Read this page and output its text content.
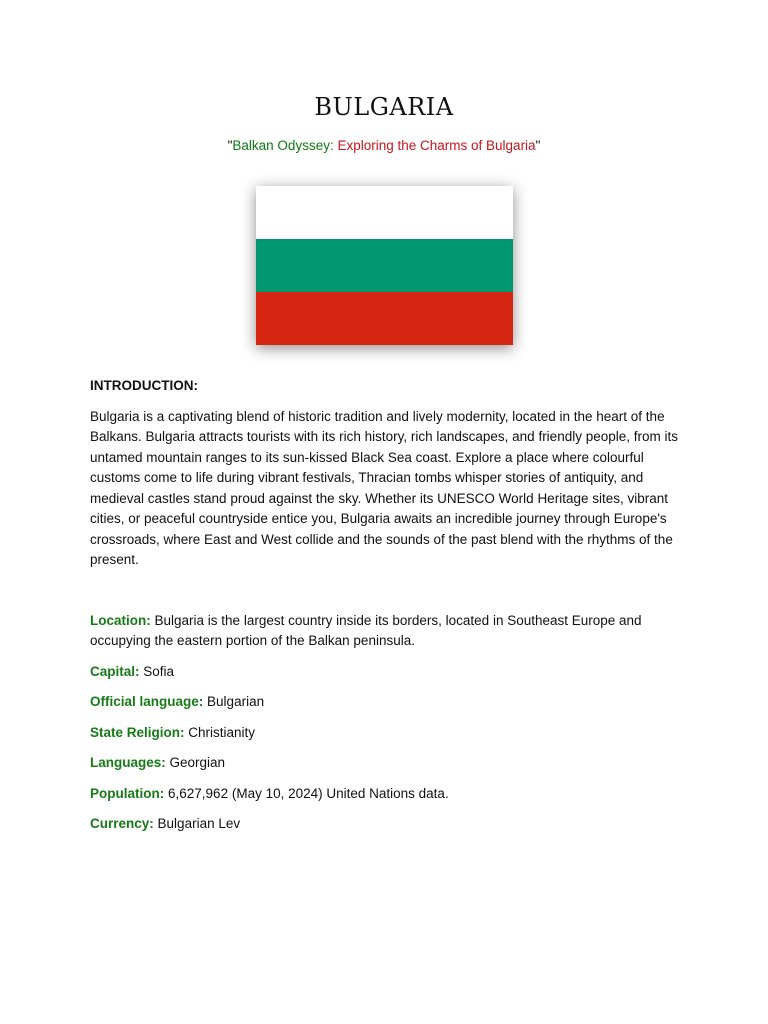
BULGARIA
"Balkan Odyssey: Exploring the Charms of Bulgaria"

INTRODUCTION:

Bulgaria is a captivating blend of historic tradition and lively modernity, located in the heart of the Balkans. Bulgaria attracts tourists with its rich history, rich landscapes, and friendly people, from its untamed mountain ranges to its sun-kissed Black Sea coast. Explore a place where colourful customs come to life during vibrant festivals, Thracian tombs whisper stories of antiquity, and medieval castles stand proud against the sky. Whether its UNESCO World Heritage sites, vibrant cities, or peaceful countryside entice you, Bulgaria awaits an incredible journey through Europe's crossroads, where East and West collide and the sounds of the past blend with the rhythms of the present.

Location: Bulgaria is the largest country inside its borders, located in Southeast Europe and occupying the eastern portion of the Balkan peninsula.

Capital: Sofia

Official language: Bulgarian

State Religion: Christianity

Languages: Georgian

Population: 6,627,962 (May 10, 2024) United Nations data.

Currency: Bulgarian Lev
